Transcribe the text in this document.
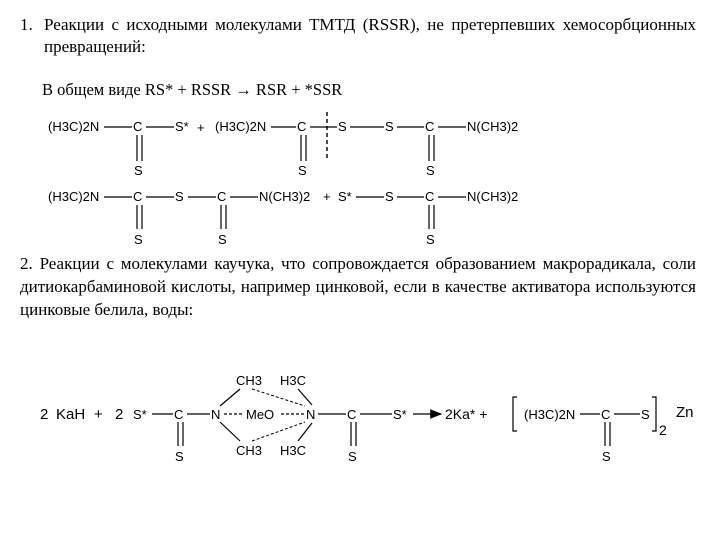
1. Реакции с исходными молекулами ТМТД (RSSR), не претерпевших хемосорбционных превращений:
В общем виде RS* + RSSR → RSR + *SSR
(H3C)2N	C	S* + (H3C)2N C S	S C	N(CH3)2
S	S	S
(H3C)2N	C	S	C	N(CH3)2 + S*	S C	N(CH3)2
S	S	S
2 KaH + 2 S* C
S
N
CH3
CH3
MeO N
H3C
H3C
C
S
S*	2Ka* +	(H3C)2N C S
S
2
Zn
2. Реакции с молекулами каучука, что сопровождается образованием макрорадикала, соли дитиокарбаминовой кислоты, например цинковой, если в качестве активатора используются цинковые белила, воды:
